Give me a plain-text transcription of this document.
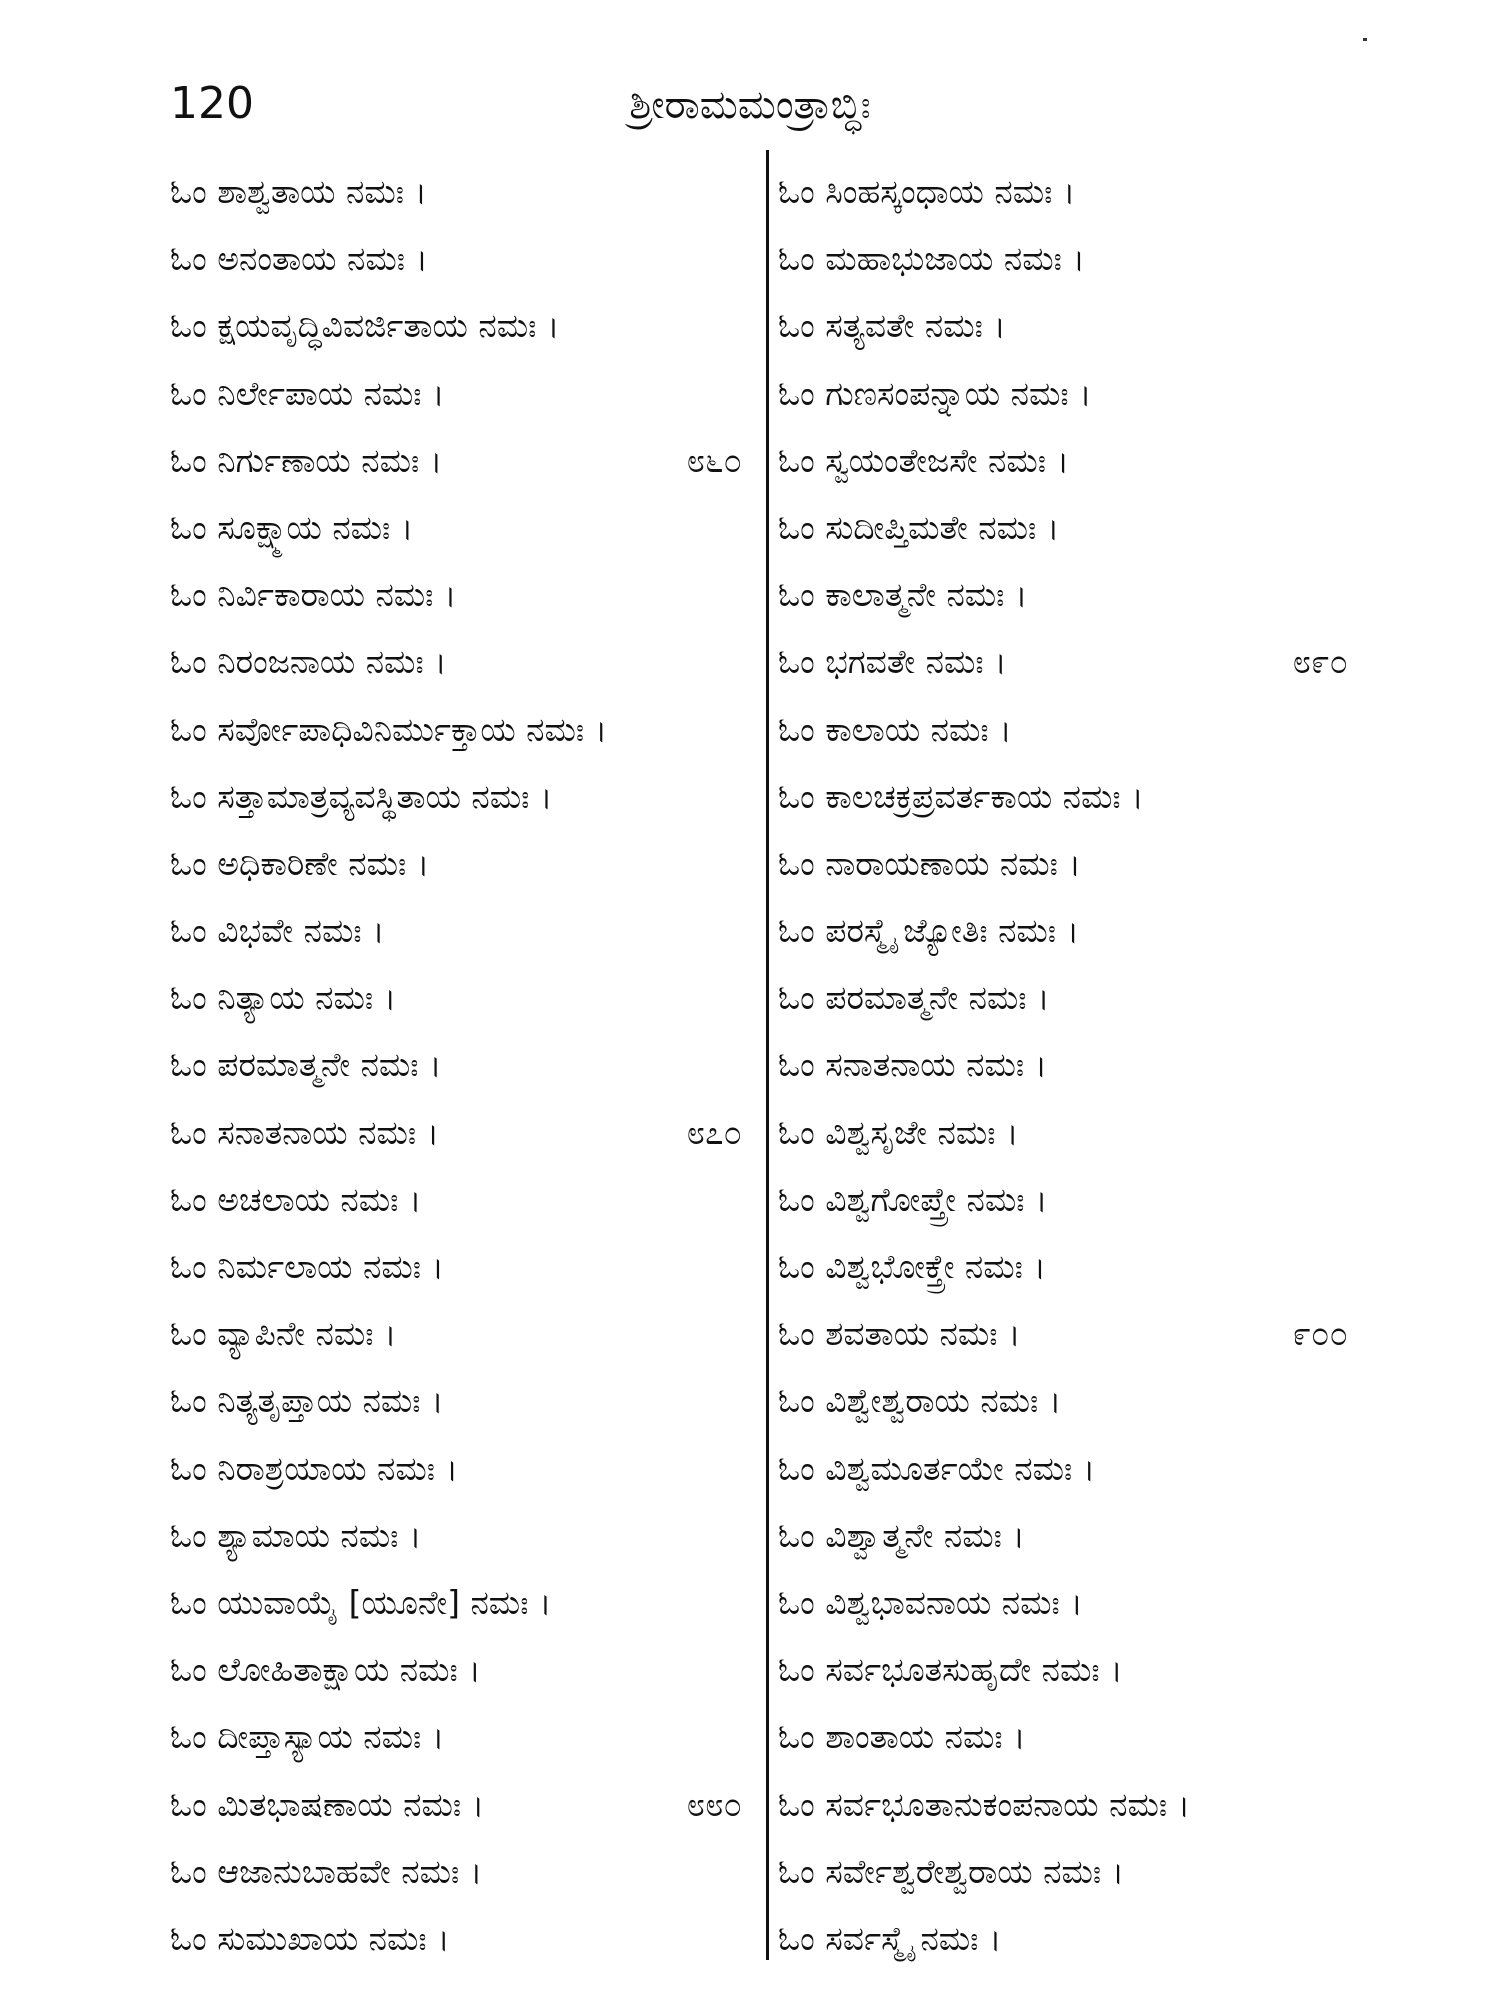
120	ಶ್ರೀರಾಮಮಂತ್ರಾಬ್ಧಿಃ
ಓಂ ಶಾಶ್ವತಾಯ ನಮಃ ।
ಓಂ ಅನಂತಾಯ ನಮಃ ।
ಓಂ ಕ್ಷಯವೃದ್ಧಿವಿವರ್ಜಿತಾಯ ನಮಃ ।
ಓಂ ನಿರ್ಲೇಪಾಯ ನಮಃ ।
ಓಂ ನಿರ್ಗುಣಾಯ ನಮಃ ।	೮೬೦
ಓಂ ಸೂಕ್ಷ್ಮಾಯ ನಮಃ ।
ಓಂ ನಿರ್ವಿಕಾರಾಯ ನಮಃ ।
ಓಂ ನಿರಂಜನಾಯ ನಮಃ ।
ಓಂ ಸರ್ವೋಪಾಧಿವಿನಿರ್ಮುಕ್ತಾಯ ನಮಃ ।
ಓಂ ಸತ್ತಾಮಾತ್ರವ್ಯವಸ್ಥಿತಾಯ ನಮಃ ।
ಓಂ ಅಧಿಕಾರಿಣೇ ನಮಃ ।
ಓಂ ವಿಭವೇ ನಮಃ ।
ಓಂ ನಿತ್ಯಾಯ ನಮಃ ।
ಓಂ ಪರಮಾತ್ಮನೇ ನಮಃ ।
ಓಂ ಸನಾತನಾಯ ನಮಃ ।	೮೭೦
ಓಂ ಅಚಲಾಯ ನಮಃ ।
ಓಂ ನಿರ್ಮಲಾಯ ನಮಃ ।
ಓಂ ವ್ಯಾಪಿನೇ ನಮಃ ।
ಓಂ ನಿತ್ಯತೃಪ್ತಾಯ ನಮಃ ।
ಓಂ ನಿರಾಶ್ರಯಾಯ ನಮಃ ।
ಓಂ ಶ್ಯಾಮಾಯ ನಮಃ ।
ಓಂ ಯುವಾಯೈ [ಯೂನೇ] ನಮಃ ।
ಓಂ ಲೋಹಿತಾಕ್ಷಾಯ ನಮಃ ।
ಓಂ ದೀಪ್ತಾಸ್ಯಾಯ ನಮಃ ।
ಓಂ ಮಿತಭಾಷಣಾಯ ನಮಃ ।	೮೮೦
ಓಂ ಆಜಾನುಬಾಹವೇ ನಮಃ ।
ಓಂ ಸುಮುಖಾಯ ನಮಃ ।
ಓಂ ಸಿಂಹಸ್ಕಂಧಾಯ ನಮಃ ।
ಓಂ ಮಹಾಭುಜಾಯ ನಮಃ ।
ಓಂ ಸತ್ಯವತೇ ನಮಃ ।
ಓಂ ಗುಣಸಂಪನ್ನಾಯ ನಮಃ ।
ಓಂ ಸ್ವಯಂತೇಜಸೇ ನಮಃ ।
ಓಂ ಸುದೀಪ್ತಿಮತೇ ನಮಃ ।
ಓಂ ಕಾಲಾತ್ಮನೇ ನಮಃ ।
ಓಂ ಭಗವತೇ ನಮಃ ।	೮೯೦
ಓಂ ಕಾಲಾಯ ನಮಃ ।
ಓಂ ಕಾಲಚಕ್ರಪ್ರವರ್ತಕಾಯ ನಮಃ ।
ಓಂ ನಾರಾಯಣಾಯ ನಮಃ ।
ಓಂ ಪರಸ್ಮೈ ಜ್ಯೋತಿಃ ನಮಃ ।
ಓಂ ಪರಮಾತ್ಮನೇ ನಮಃ ।
ಓಂ ಸನಾತನಾಯ ನಮಃ ।
ಓಂ ವಿಶ್ವಸೃಜೇ ನಮಃ ।
ಓಂ ವಿಶ್ವಗೋಪ್ತ್ರೇ ನಮಃ ।
ಓಂ ವಿಶ್ವಭೋಕ್ತ್ರೇ ನಮಃ ।
ಓಂ ಶವತಾಯ ನಮಃ ।	೯೦೦
ಓಂ ವಿಶ್ವೇಶ್ವರಾಯ ನಮಃ ।
ಓಂ ವಿಶ್ವಮೂರ್ತಯೇ ನಮಃ ।
ಓಂ ವಿಶ್ವಾತ್ಮನೇ ನಮಃ ।
ಓಂ ವಿಶ್ವಭಾವನಾಯ ನಮಃ ।
ಓಂ ಸರ್ವಭೂತಸುಹೃದೇ ನಮಃ ।
ಓಂ ಶಾಂತಾಯ ನಮಃ ।
ಓಂ ಸರ್ವಭೂತಾನುಕಂಪನಾಯ ನಮಃ ।
ಓಂ ಸರ್ವೇಶ್ವರೇಶ್ವರಾಯ ನಮಃ ।
ಓಂ ಸರ್ವಸ್ಮೈ ನಮಃ ।
